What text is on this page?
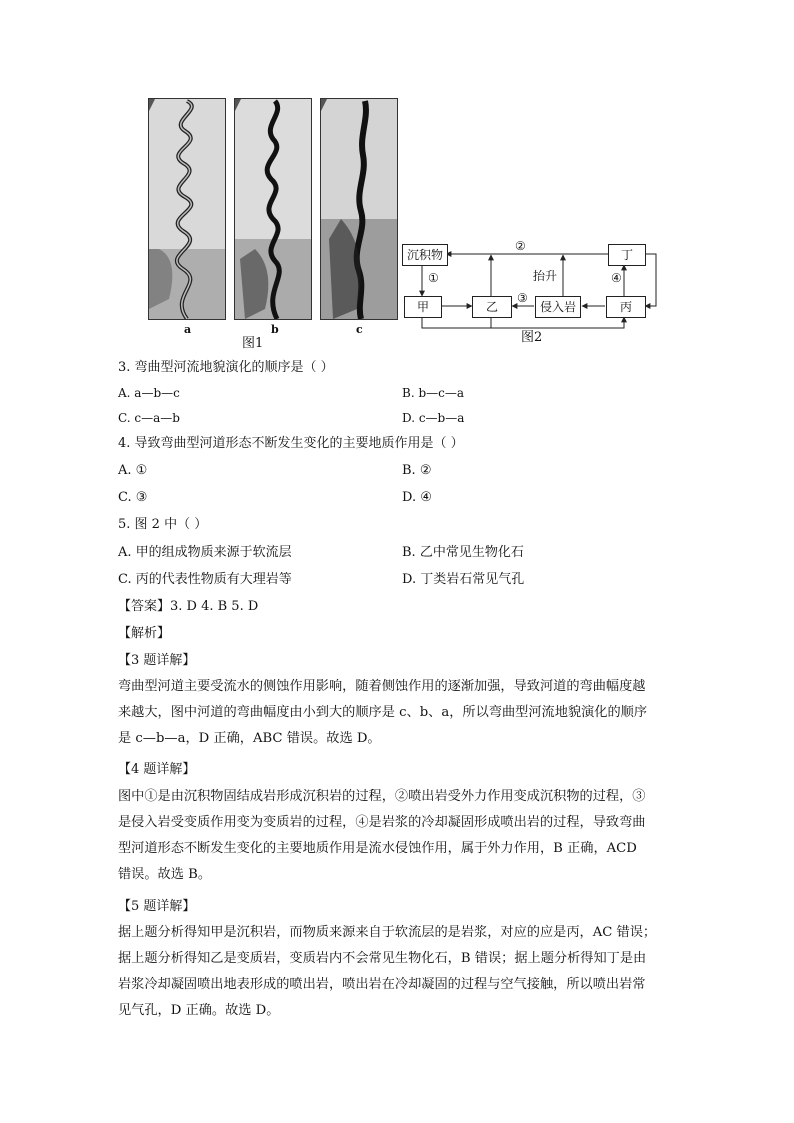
a	b	c
图1
沉积物	丁
甲	乙	侵入岩	丙
②
①	抬升	④
③
图2
3. 弯曲型河流地貌演化的顺序是（ ）
A. a—b—c	B. b—c—a
C. c—a—b	D. c—b—a
4. 导致弯曲型河道形态不断发生变化的主要地质作用是（ ）
A. ①	B. ②
C. ③	D. ④
5. 图 2 中（ ）
A. 甲的组成物质来源于软流层	B. 乙中常见生物化石
C. 丙的代表性物质有大理岩等	D. 丁类岩石常见气孔
【答案】3. D 4. B 5. D
【解析】
【3 题详解】
弯曲型河道主要受流水的侧蚀作用影响，随着侧蚀作用的逐渐加强，导致河道的弯曲幅度越
来越大，图中河道的弯曲幅度由小到大的顺序是 c、b、a，所以弯曲型河流地貌演化的顺序
是 c—b—a，D 正确，ABC 错误。故选 D。
【4 题详解】
图中①是由沉积物固结成岩形成沉积岩的过程，②喷出岩受外力作用变成沉积物的过程，③
是侵入岩受变质作用变为变质岩的过程，④是岩浆的冷却凝固形成喷出岩的过程，导致弯曲
型河道形态不断发生变化的主要地质作用是流水侵蚀作用，属于外力作用，B 正确，ACD
错误。故选 B。
【5 题详解】
据上题分析得知甲是沉积岩，而物质来源来自于软流层的是岩浆，对应的应是丙，AC 错误；
据上题分析得知乙是变质岩，变质岩内不会常见生物化石，B 错误；据上题分析得知丁是由
岩浆冷却凝固喷出地表形成的喷出岩，喷出岩在冷却凝固的过程与空气接触，所以喷出岩常
见气孔，D 正确。故选 D。
